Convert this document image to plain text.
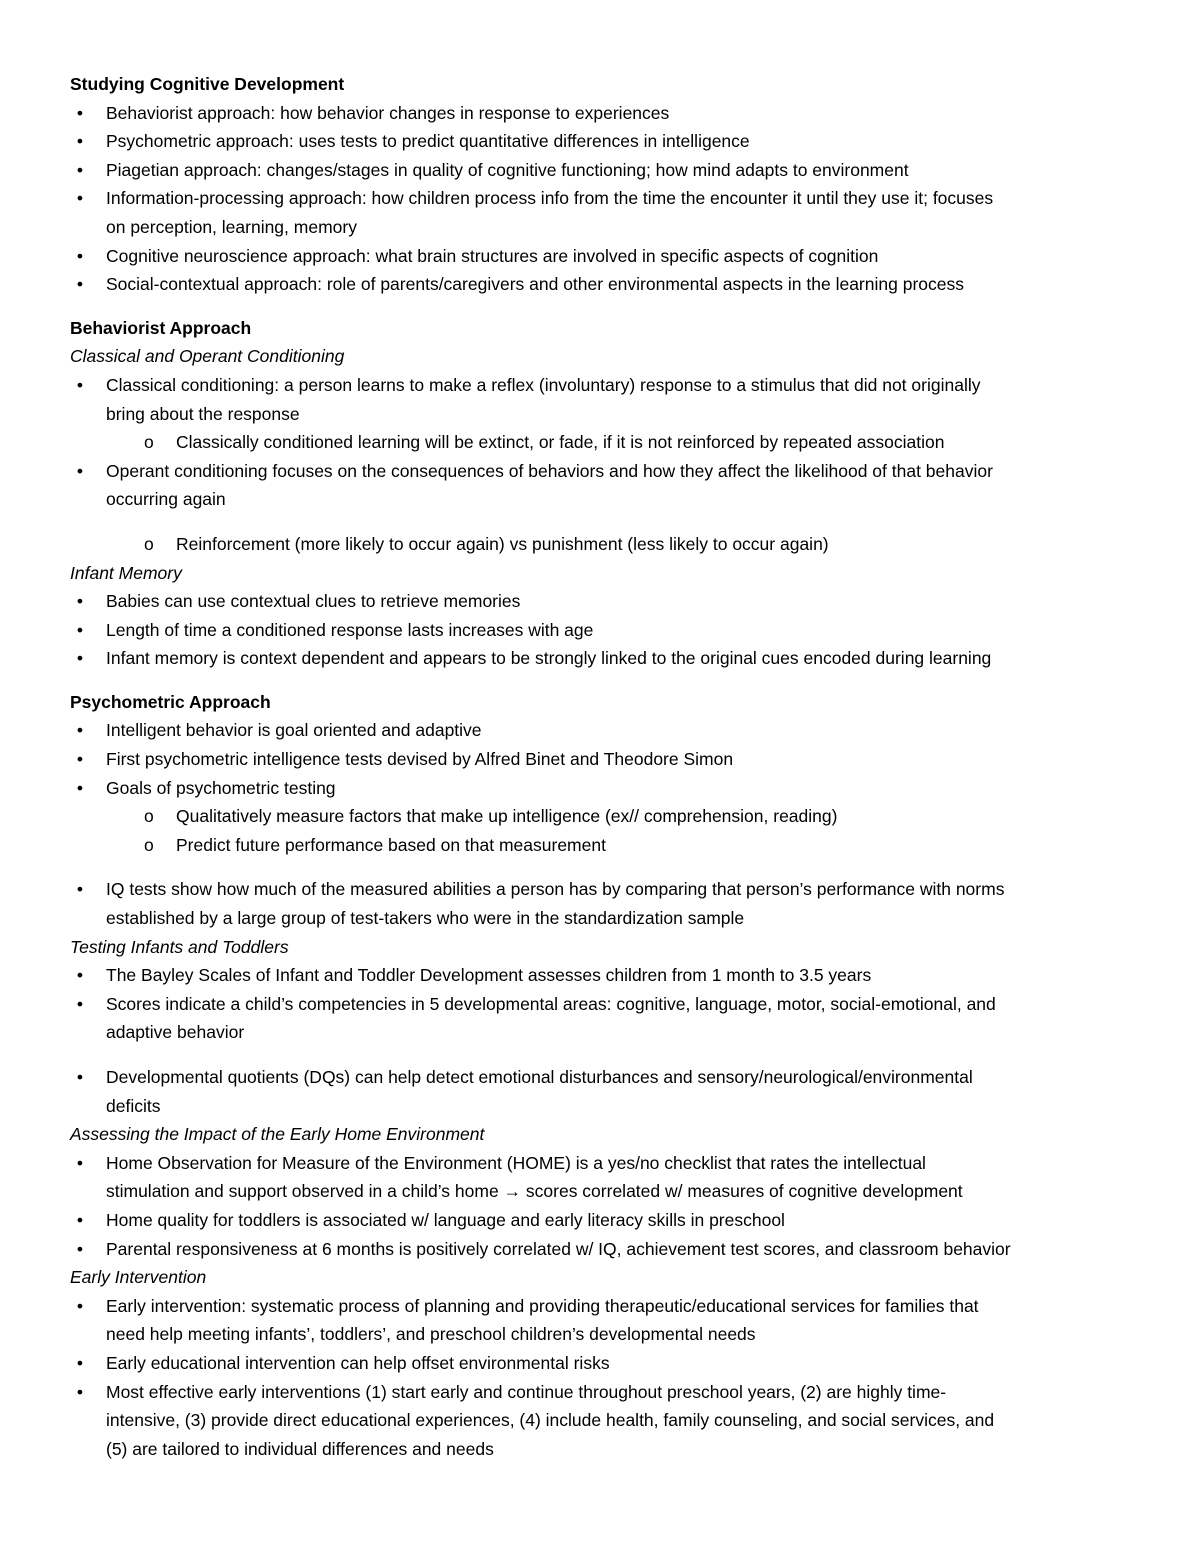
Studying Cognitive Development
•	Behaviorist approach: how behavior changes in response to experiences
•	Psychometric approach: uses tests to predict quantitative differences in intelligence
•	Piagetian approach: changes/stages in quality of cognitive functioning; how mind adapts to environment
•	Information-processing approach: how children process info from the time the encounter it until they use it; focuses
on perception, learning, memory
•	Cognitive neuroscience approach: what brain structures are involved in specific aspects of cognition
•	Social-contextual approach: role of parents/caregivers and other environmental aspects in the learning process
Behaviorist Approach
Classical and Operant Conditioning
•	Classical conditioning: a person learns to make a reflex (involuntary) response to a stimulus that did not originally
bring about the response
o Classically conditioned learning will be extinct, or fade, if it is not reinforced by repeated association
•	Operant conditioning focuses on the consequences of behaviors and how they affect the likelihood of that behavior
occurring again
o Reinforcement (more likely to occur again) vs punishment (less likely to occur again)
Infant Memory
•	Babies can use contextual clues to retrieve memories
•	Length of time a conditioned response lasts increases with age
•	Infant memory is context dependent and appears to be strongly linked to the original cues encoded during learning
Psychometric Approach
•	Intelligent behavior is goal oriented and adaptive
•	First psychometric intelligence tests devised by Alfred Binet and Theodore Simon
•	Goals of psychometric testing
o Qualitatively measure factors that make up intelligence (ex// comprehension, reading)
o Predict future performance based on that measurement
•	IQ tests show how much of the measured abilities a person has by comparing that person’s performance with norms
established by a large group of test-takers who were in the standardization sample
Testing Infants and Toddlers
•	The Bayley Scales of Infant and Toddler Development assesses children from 1 month to 3.5 years
•	Scores indicate a child’s competencies in 5 developmental areas: cognitive, language, motor, social-emotional, and
adaptive behavior
•	Developmental quotients (DQs) can help detect emotional disturbances and sensory/neurological/environmental
deficits
Assessing the Impact of the Early Home Environment
•	Home Observation for Measure of the Environment (HOME) is a yes/no checklist that rates the intellectual
stimulation and support observed in a child’s home → scores correlated w/ measures of cognitive development
•	Home quality for toddlers is associated w/ language and early literacy skills in preschool
•	Parental responsiveness at 6 months is positively correlated w/ IQ, achievement test scores, and classroom behavior
Early Intervention
•	Early intervention: systematic process of planning and providing therapeutic/educational services for families that
need help meeting infants’, toddlers’, and preschool children’s developmental needs
•	Early educational intervention can help offset environmental risks
•	Most effective early interventions (1) start early and continue throughout preschool years, (2) are highly time-
intensive, (3) provide direct educational experiences, (4) include health, family counseling, and social services, and
(5) are tailored to individual differences and needs
